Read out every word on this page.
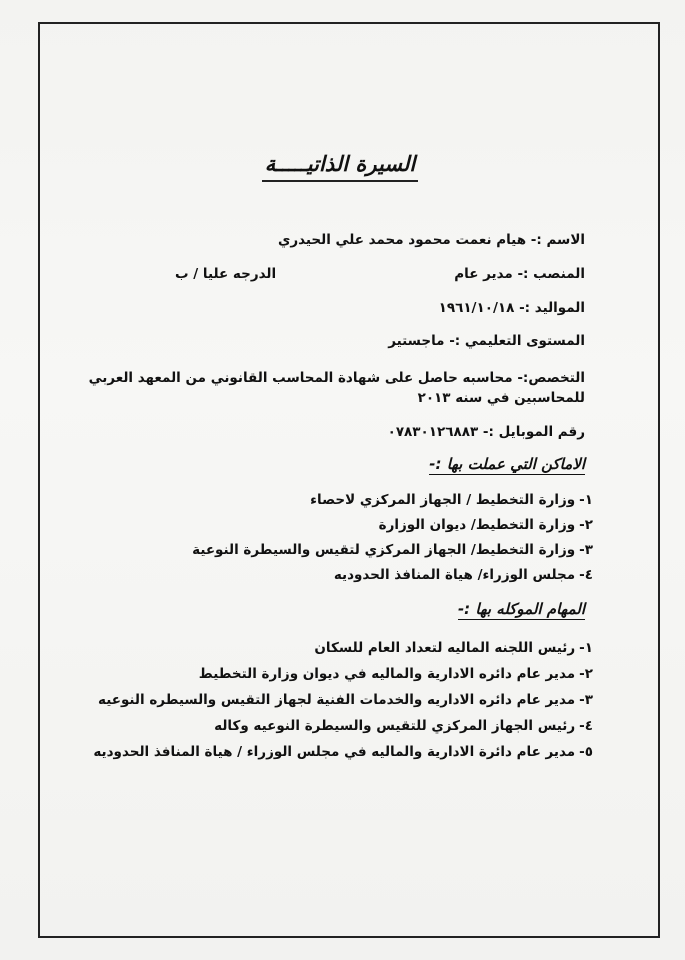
السيرة الذاتيـــــة
الاسم :- هيام نعمت محمود محمد علي الحيدري
المنصب :- مدير عام
الدرجه عليا / ب
المواليد :- ١٩٦١/١٠/١٨
المستوى التعليمي :- ماجستير
التخصص:- محاسبه حاصل على شهادة المحاسب القانوني من المعهد العربي
للمحاسبين في سنه ٢٠١٣
رقم الموبايل :- ٠٧٨٣٠١٢٦٨٨٣
الاماكن التي عملت بها :-
١-وزارة التخطيط / الجهاز المركزي لاحصاء
٢-وزارة التخطيط/ ديوان الوزارة
٣-وزارة التخطيط/ الجهاز المركزي لتقيس والسيطرة النوعية
٤-مجلس الوزراء/ هياة المنافذ الحدوديه
المهام الموكله بها :-
١-رئيس اللجنه الماليه لتعداد العام للسكان
٢-مدير عام دائره الادارية والماليه في ديوان وزارة التخطيط
٣-مدير عام دائره الاداريه والخدمات الفنية لجهاز التقيس والسيطره النوعيه
٤-رئيس الجهاز المركزي للتقيس والسيطرة النوعيه وكاله
٥-مدير عام دائرة الادارية والماليه في مجلس الوزراء / هياة المنافذ الحدوديه
